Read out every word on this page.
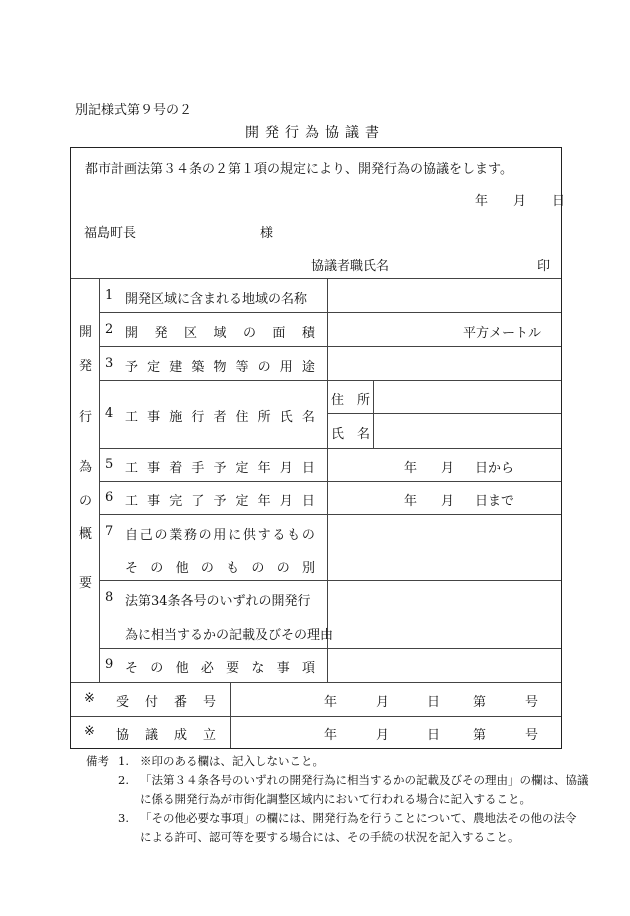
別記様式第９号の２
開発行為協議書
都市計画法第３４条の２第１項の規定により、開発行為の協議をします。
年 月 日
福島町長	様
協議者職氏名	印
開
発
行
為
の
概
要
1 開発区域に含まれる地域の名称
2 開 発 区 域 の 面 積	平方メートル
3 予 定 建 築 物 等 の 用 途
4 工 事 施 行 者 住 所 氏 名
住　所
氏　名
5 工 事 着 手 予 定 年 月 日	年 月 日から
6 工 事 完 了 予 定 年 月 日	年 月 日まで
7 自 己 の 業 務 の 用 に 供 す る も の
そ の 他 の も の の 別
8 法第34条各号のいずれの開発行
為に相当するかの記載及びその理由
9 そ の 他 必 要 な 事 項
※ 受 付 番 号	年	月	日	第	号
※ 協 議 成 立	年	月	日	第	号
備考 1. ※印のある欄は、記入しないこと。
2. 「法第３４条各号のいずれの開発行為に相当するかの記載及びその理由」の欄は、協議
に係る開発行為が市街化調整区域内において行われる場合に記入すること。
3. 「その他必要な事項」の欄には、開発行為を行うことについて、農地法その他の法令
による許可、認可等を要する場合には、その手続の状況を記入すること。
